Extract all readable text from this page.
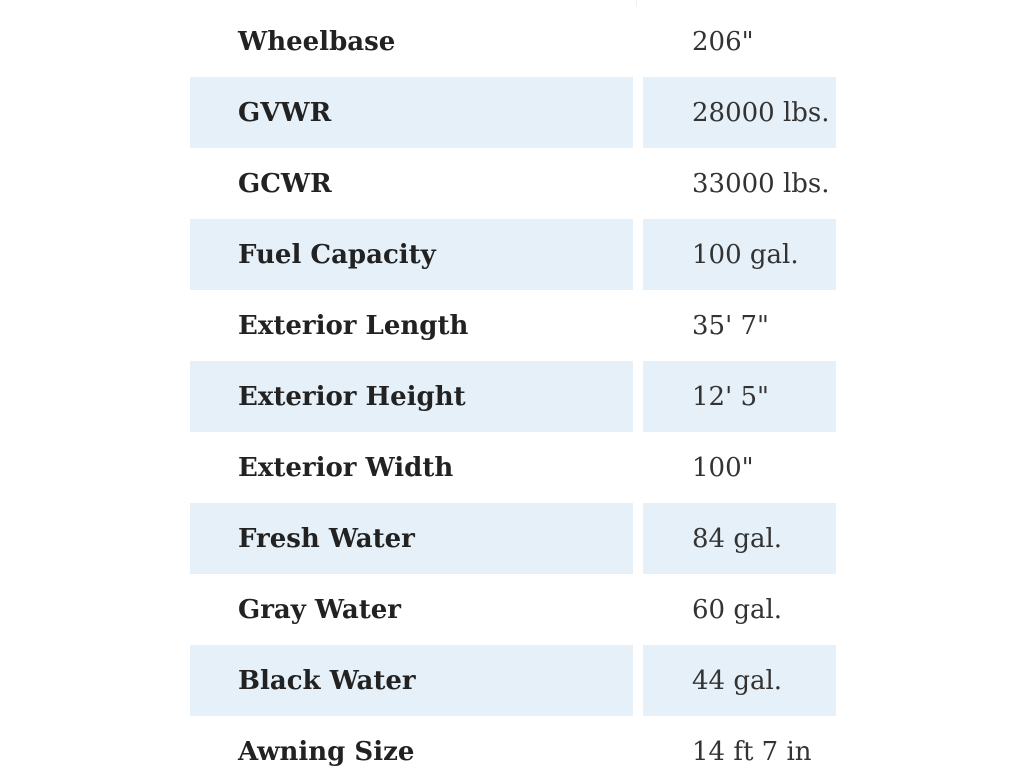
Wheelbase	206"
GVWR	28000 lbs.
GCWR	33000 lbs.
Fuel Capacity	100 gal.
Exterior Length	35' 7"
Exterior Height	12' 5"
Exterior Width	100"
Fresh Water	84 gal.
Gray Water	60 gal.
Black Water	44 gal.
Awning Size	14 ft 7 in
